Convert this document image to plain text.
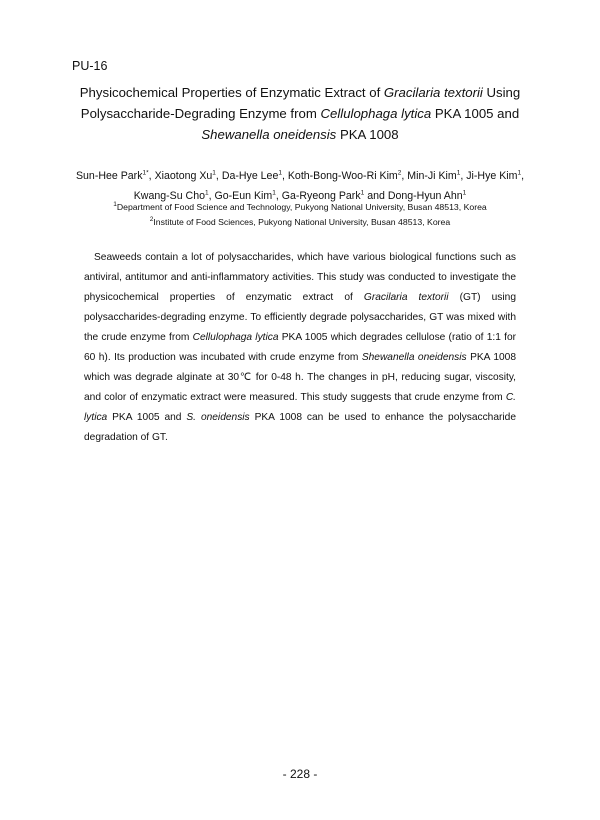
PU-16
Physicochemical Properties of Enzymatic Extract of Gracilaria textorii Using
Polysaccharide-Degrading Enzyme from Cellulophaga lytica PKA 1005 and
Shewanella oneidensis PKA 1008
Sun-Hee Park$^{1*}$, Xiaotong Xu$^1$, Da-Hye Lee$^1$, Koth-Bong-Woo-Ri Kim$^2$, Min-Ji Kim$^1$, Ji-Hye Kim$^1$,
Kwang-Su Cho$^1$, Go-Eun Kim$^1$, Ga-Ryeong Park$^1$ and Dong-Hyun Ahn$^1$
$^1$Department of Food Science and Technology, Pukyong National University, Busan 48513, Korea
$^2$Institute of Food Sciences, Pukyong National University, Busan 48513, Korea

Seaweeds contain a lot of polysaccharides, which have various biological functions such as antiviral, antitumor and anti-inflammatory activities. This study was conducted to investigate the physicochemical properties of enzymatic extract of Gracilaria textorii (GT) using polysaccharides-degrading enzyme. To efficiently degrade polysaccharides, GT was mixed with the crude enzyme from Cellulophaga lytica PKA 1005 which degrades cellulose (ratio of 1:1 for 60 h). Its production was incubated with crude enzyme from Shewanella oneidensis PKA 1008 which was degrade alginate at 30℃ for 0-48 h. The changes in pH, reducing sugar, viscosity, and color of enzymatic extract were measured. This study suggests that crude enzyme from C. lytica PKA 1005 and S. oneidensis PKA 1008 can be used to enhance the polysaccharide degradation of GT.

- 228 -
